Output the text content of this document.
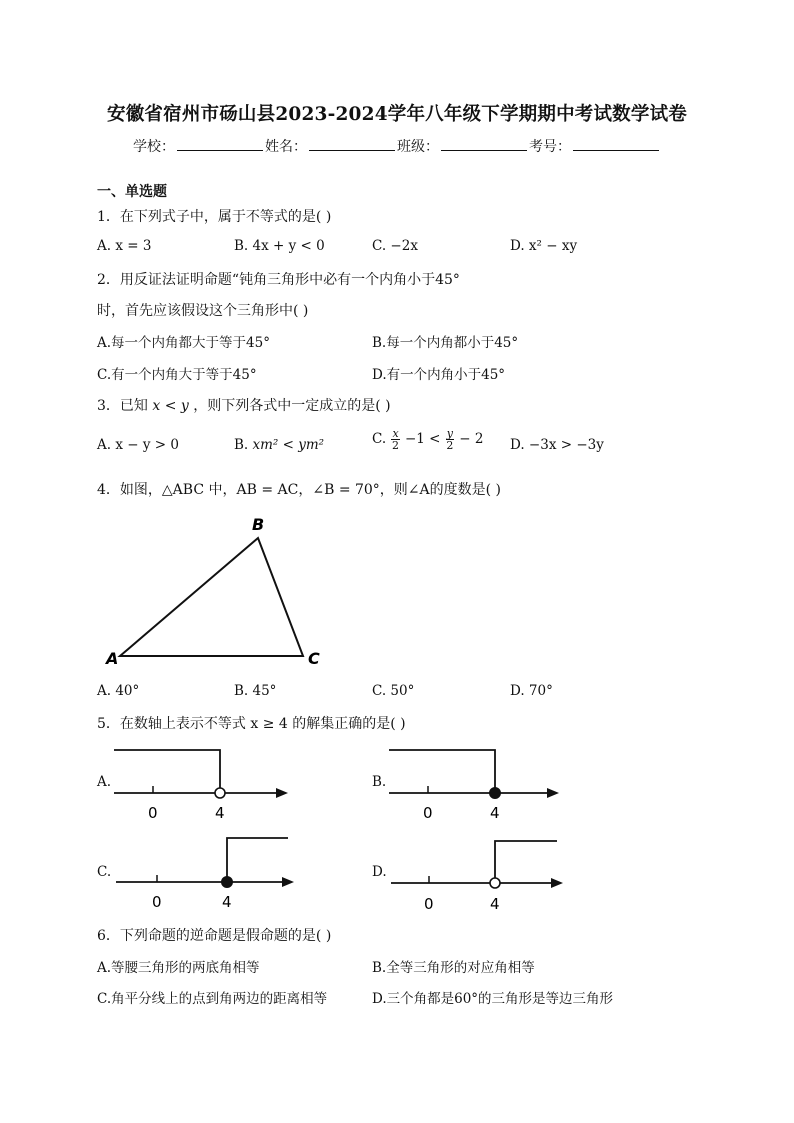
安徽省宿州市砀山县2023-2024学年八年级下学期期中考试数学试卷
学校：	姓名：	班级：	考号：
一、单选题
1．在下列式子中，属于不等式的是( )
A. x = 3	B. 4x + y < 0	C. −2x	D. x² − xy
2．用反证法证明命题“钝角三角形中必有一个内角小于45°
时，首先应该假设这个三角形中( )
A.每一个内角都大于等于45°	B.每一个内角都小于45°
C.有一个内角大于等于45°	D.有一个内角小于45°
3．已知 x < y ，则下列各式中一定成立的是( )
A. x − y > 0	B. xm² < ym²	C. $\frac{x}{2} -1 < \frac{y}{2} - 2$ D. −3x > −3y
4．如图，△ABC 中，AB = AC，∠B = 70°，则∠A的度数是( )
A
B
C
A. 40°	B. 45°	C. 50°	D. 70°
5．在数轴上表示不等式 x ≥ 4 的解集正确的是( )
A.
0	4
B.
0	4
C.
0	4
D.
0	4
6．下列命题的逆命题是假命题的是( )
A.等腰三角形的两底角相等	B.全等三角形的对应角相等
C.角平分线上的点到角两边的距离相等	D.三个角都是60°的三角形是等边三角形
